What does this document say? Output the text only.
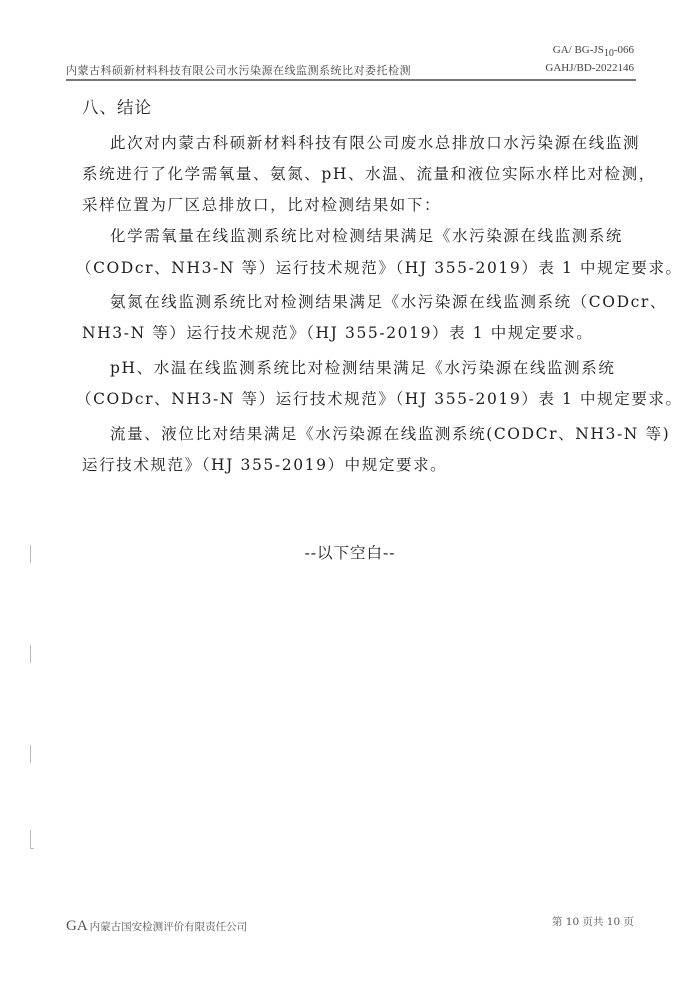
GA/ $BG-JS_{10}-066$
GAHJ/BD-2022146
内蒙古科硕新材料科技有限公司水污染源在线监测系统比对委托检测
八、结论
此次对内蒙古科硕新材料科技有限公司废水总排放口水污染源在线监测
系统进行了化学需氧量、氨氮、pH、水温、流量和液位实际水样比对检测，
采样位置为厂区总排放口，比对检测结果如下：
化学需氧量在线监测系统比对检测结果满足《水污染源在线监测系统
（CODcr、NH3-N 等）运行技术规范》（HJ 355-2019）表 1 中规定要求。
氨氮在线监测系统比对检测结果满足《水污染源在线监测系统（CODcr、
NH3-N 等）运行技术规范》（HJ 355-2019）表 1 中规定要求。
pH、水温在线监测系统比对检测结果满足《水污染源在线监测系统
（CODcr、NH3-N 等）运行技术规范》（HJ 355-2019）表 1 中规定要求。
流量、液位比对结果满足《水污染源在线监测系统(CODCr、NH3-N 等)
运行技术规范》（HJ 355-2019）中规定要求。
--以下空白--
GA 内蒙古国安检测评价有限责任公司	第 10 页共 10 页
